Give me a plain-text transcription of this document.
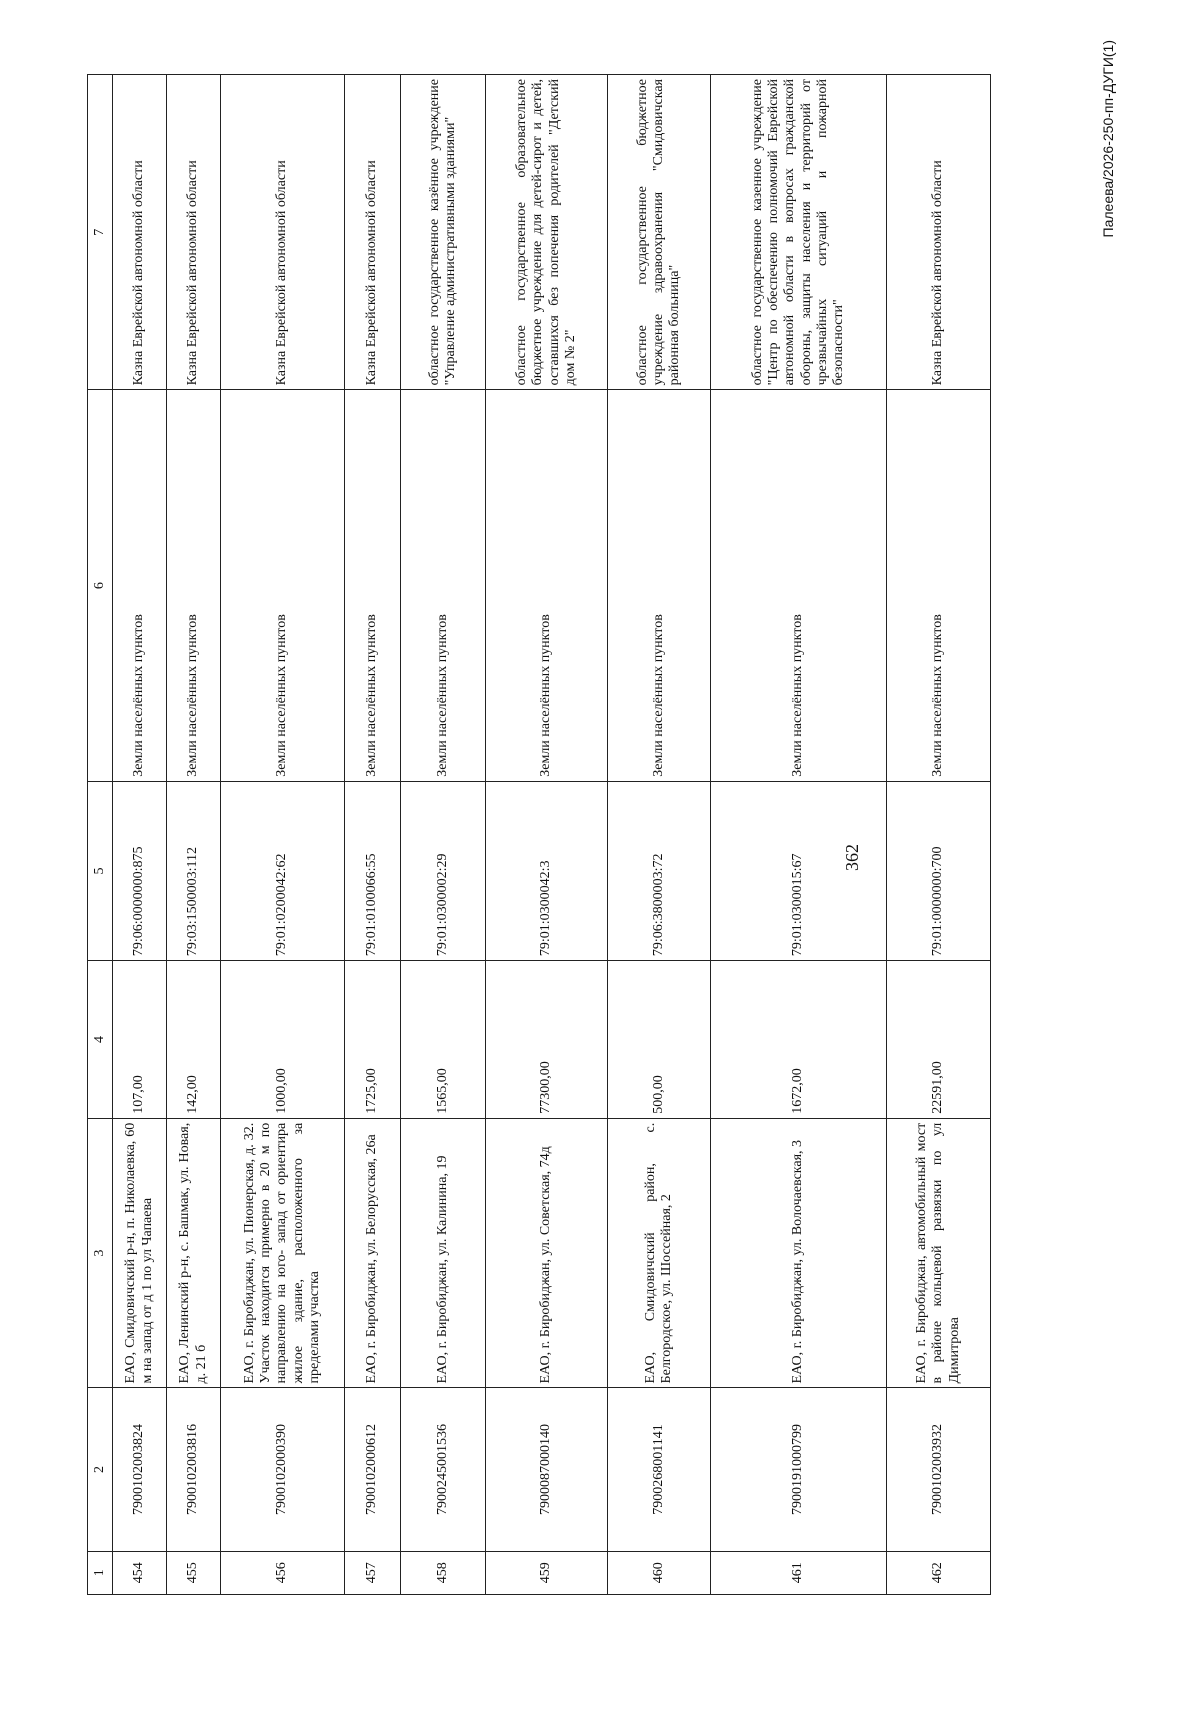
362
1	2	3	4	5	6	7
454	7900102003824	ЕАО, Смидовичский р-н, п. Николаевка, 60 м на запад от д 1 по ул Чапаева	107,00	79:06:0000000:875	Земли населённых пунктов	Казна Еврейской автономной области
455	7900102003816	ЕАО, Ленинский р-н, с. Башмак, ул. Новая, д. 21 б	142,00	79:03:1500003:112	Земли населённых пунктов	Казна Еврейской автономной области
456	7900102000390	ЕАО, г. Биробиджан, ул. Пионерская, д. 32. Участок находится примерно в 20 м по направлению на юго- запад от ориентира жилое здание, расположенного за пределами участка	1000,00	79:01:0200042:62	Земли населённых пунктов	Казна Еврейской автономной области
457	7900102000612	ЕАО, г. Биробиджан, ул. Белорусская, 26а	1725,00	79:01:0100066:55	Земли населённых пунктов	Казна Еврейской автономной области
458	7900245001536	ЕАО, г. Биробиджан, ул. Калинина, 19	1565,00	79:01:0300002:29	Земли населённых пунктов	областное государственное казённое учреждение "Управление административными зданиями"
459	7900087000140	ЕАО, г. Биробиджан, ул. Советская, 74д	77300,00	79:01:0300042:3	Земли населённых пунктов	областное государственное образовательное бюджетное учреждение для детей-сирот и детей, оставшихся без попечения родителей "Детский дом № 2"
460	7900268001141	ЕАО, Смидовичский район, с. Белгородское, ул. Шоссейная, 2	500,00	79:06:3800003:72	Земли населённых пунктов	областное государственное бюджетное учреждение здравоохранения "Смидовичская районная больница"
461	7900191000799	ЕАО, г. Биробиджан, ул. Волочаевская, 3	1672,00	79:01:0300015:67	Земли населённых пунктов	областное государственное казенное учреждение "Центр по обеспечению полномочий Еврейской автономной области в вопросах гражданской обороны, защиты населения и территорий от чрезвычайных ситуаций и пожарной безопасности"
462	7900102003932	ЕАО, г. Биробиджан, автомобильный мост в районе кольцевой развязки по ул Димитрова	22591,00	79:01:0000000:700	Земли населённых пунктов	Казна Еврейской автономной области
Палеева/2026-250-пп-ДУГИ(1)
